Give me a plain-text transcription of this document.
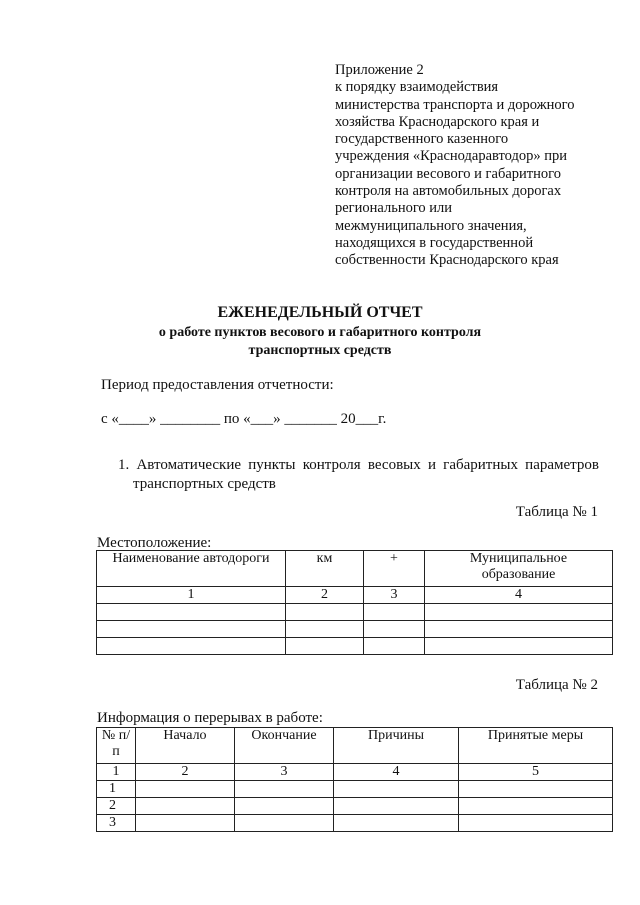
Приложение 2
к порядку взаимодействия
министерства транспорта и дорожного
хозяйства Краснодарского края и
государственного казенного
учреждения «Краснодаравтодор» при
организации весового и габаритного
контроля на автомобильных дорогах
регионального или
межмуниципального значения,
находящихся в государственной
собственности Краснодарского края
ЕЖЕНЕДЕЛЬНЫЙ ОТЧЕТ
о работе пунктов весового и габаритного контроля
транспортных средств
Период предоставления отчетности:
с «____» ________ по «___» _______ 20___г.
1. Автоматические пункты контроля весовых и габаритных параметров
транспортных средств
Таблица № 1
Местоположение:
Наименование автодороги	км	+	Муниципальное образование
1	2	3	4

Таблица № 2
Информация о перерывах в работе:
№ п/п	Начало	Окончание	Причины	Принятые меры
1	2	3	4	5
1				
2				
3				
